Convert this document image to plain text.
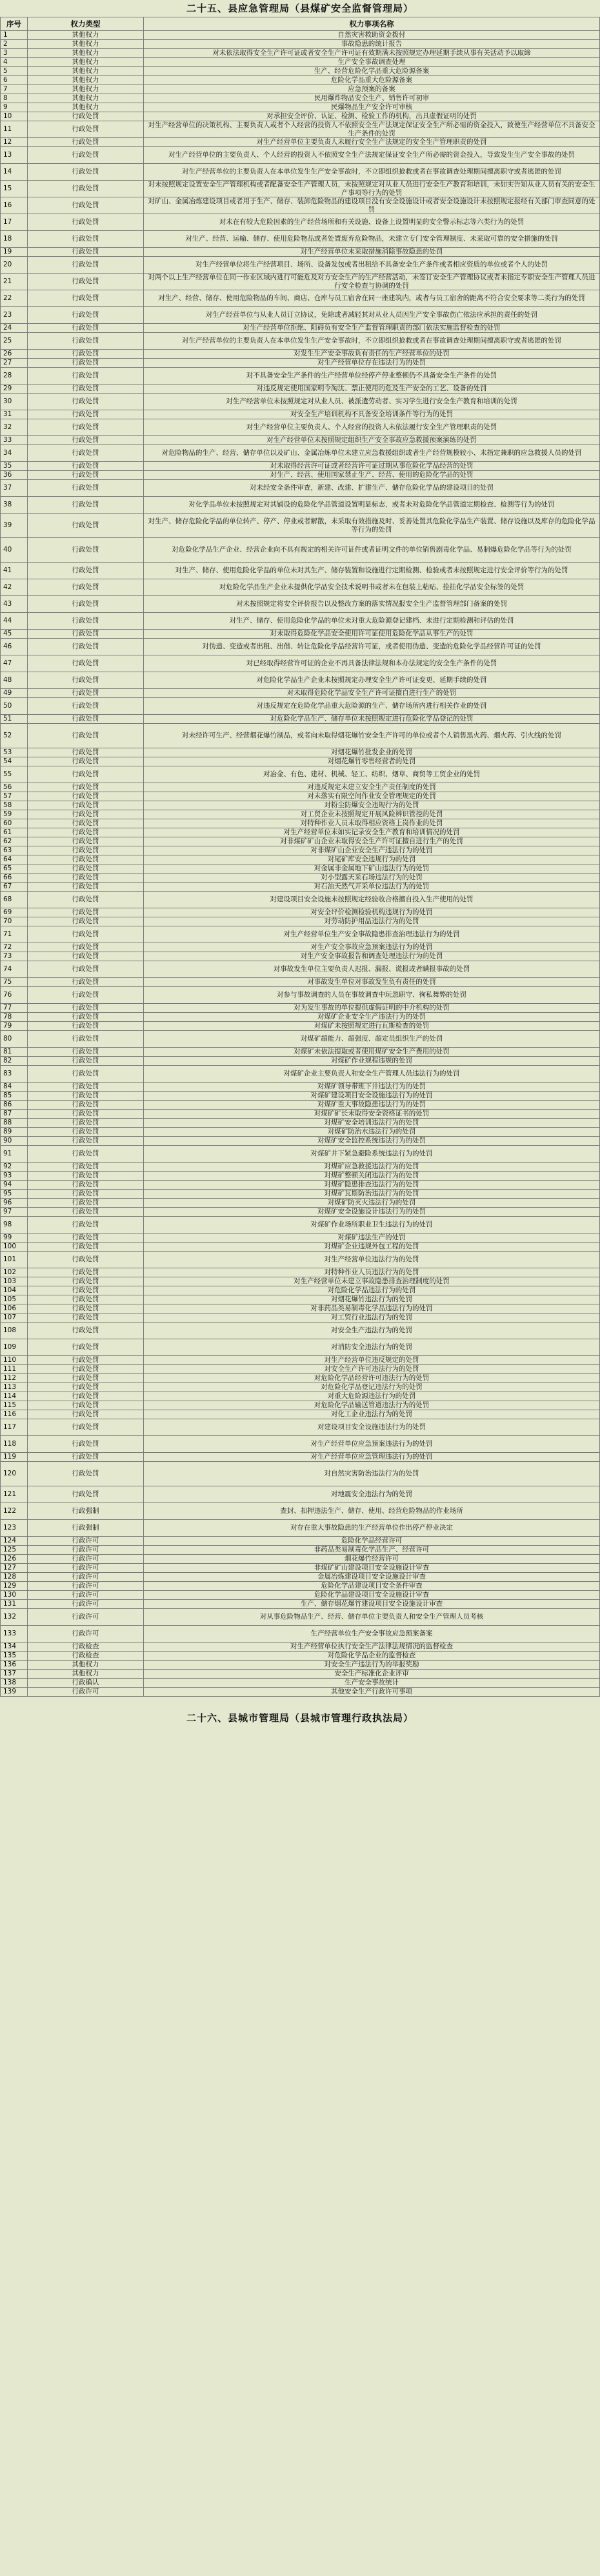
二十五、县应急管理局（县煤矿安全监督管理局）
序号	权力类型	权力事项名称
1	其他权力	自然灾害救助资金拨付
2	其他权力	事故隐患的统计报告
3	其他权力	对未依法取得安全生产许可证或者安全生产许可证有效期满未按照规定办理延期手续从事有关活动予以取缔
4	其他权力	生产安全事故调查处理
5	其他权力	生产、经营危险化学品重大危险源备案
6	其他权力	危险化学品重大危险源备案
7	其他权力	应急预案的备案
8	其他权力	民用爆炸物品安全生产、销售许可初审
9	其他权力	民爆物品生产安全许可审核
10	行政处罚	对承担安全评价、认证、检测、检验工作的机构，出具虚假证明的处罚
11	行政处罚	对生产经营单位的决策机构、主要负责人或者个人经营的投资人不依照安全生产法规定保证安全生产所必需的资金投入，致使生产经营单位不具备安全生产条件的处罚
12	行政处罚	对生产经营单位主要负责人未履行安全生产法规定的安全生产管理职责的处罚
13	行政处罚	对生产经营单位的主要负责人、个人经营的投资人不依照安全生产法规定保证安全生产所必需的资金投入，导致发生生产安全事故的处罚
14	行政处罚	对生产经营单位的主要负责人在本单位发生生产安全事故时，不立即组织抢救或者在事故调查处理期间擅离职守或者逃匿的处罚
15	行政处罚	对未按照规定设置安全生产管理机构或者配备安全生产管理人员，未按照规定对从业人员进行安全生产教育和培训，未如实告知从业人员有关的安全生产事项等行为的处罚
16	行政处罚	对矿山、金属冶炼建设项目或者用于生产、储存、装卸危险物品的建设项目没有安全设施设计或者安全设施设计未按照规定报经有关部门审查同意的处罚
17	行政处罚	对未在有较大危险因素的生产经营场所和有关设施、设备上设置明显的安全警示标志等六类行为的处罚
18	行政处罚	对生产、经营、运输、储存、使用危险物品或者处置废弃危险物品，未建立专门安全管理制度、未采取可靠的安全措施的处罚
19	行政处罚	对生产经营单位未采取措施消除事故隐患的处罚
20	行政处罚	对生产经营单位将生产经营项目、场所、设备发包或者出租给不具备安全生产条件或者相应资质的单位或者个人的处罚
21	行政处罚	对两个以上生产经营单位在同一作业区域内进行可能危及对方安全生产的生产经营活动，未签订安全生产管理协议或者未指定专职安全生产管理人员进行安全检查与协调的处罚
22	行政处罚	对生产、经营、储存、使用危险物品的车间、商店、仓库与员工宿舍在同一座建筑内，或者与员工宿舍的距离不符合安全要求等二类行为的处罚
23	行政处罚	对生产经营单位与从业人员订立协议，免除或者减轻其对从业人员因生产安全事故伤亡依法应承担的责任的处罚
24	行政处罚	对生产经营单位拒绝、阻碍负有安全生产监督管理职责的部门依法实施监督检查的处罚
25	行政处罚	对生产经营单位的主要负责人在本单位发生生产安全事故时，不立即组织抢救或者在事故调查处理期间擅离职守或者逃匿的处罚
26	行政处罚	对发生生产安全事故负有责任的生产经营单位的处罚
27	行政处罚	对生产经营单位存在违法行为的处罚
28	行政处罚	对不具备安全生产条件的生产经营单位经停产停业整顿仍不具备安全生产条件的处罚
29	行政处罚	对违反规定使用国家明令淘汰、禁止使用的危及生产安全的工艺、设备的处罚
30	行政处罚	对生产经营单位未按照规定对从业人员、被派遣劳动者、实习学生进行安全生产教育和培训的处罚
31	行政处罚	对安全生产培训机构不具备安全培训条件等行为的处罚
32	行政处罚	对生产经营单位主要负责人、个人经营的投资人未依法履行安全生产管理职责的处罚
33	行政处罚	对生产经营单位未按照规定组织生产安全事故应急救援预案演练的处罚
34	行政处罚	对危险物品的生产、经营、储存单位以及矿山、金属冶炼单位未建立应急救援组织或者生产经营规模较小、未指定兼职的应急救援人员的处罚
35	行政处罚	对未取得经营许可证或者经营许可证过期从事危险化学品经营的处罚
36	行政处罚	对生产、经营、使用国家禁止生产、经营、使用的危险化学品的处罚
37	行政处罚	对未经安全条件审查，新建、改建、扩建生产、储存危险化学品的建设项目的处罚
38	行政处罚	对化学品单位未按照规定对其铺设的危险化学品管道设置明显标志，或者未对危险化学品管道定期检查、检测等行为的处罚
39	行政处罚	对生产、储存危险化学品的单位转产、停产、停业或者解散，未采取有效措施及时、妥善处置其危险化学品生产装置、储存设施以及库存的危险化学品等行为的处罚
40	行政处罚	对危险化学品生产企业、经营企业向不具有规定的相关许可证件或者证明文件的单位销售剧毒化学品、易制爆危险化学品等行为的处罚
41	行政处罚	对生产、储存、使用危险化学品的单位未对其生产、储存装置和设施进行定期检测、检验或者未按照规定进行安全评价等行为的处罚
42	行政处罚	对危险化学品生产企业未提供化学品安全技术说明书或者未在包装上粘贴、拴挂化学品安全标签的处罚
43	行政处罚	对未按照规定将安全评价报告以及整改方案的落实情况报安全生产监督管理部门备案的处罚
44	行政处罚	对生产、储存、使用危险化学品的单位未对重大危险源登记建档、未进行定期检测和评估的处罚
45	行政处罚	对未取得危险化学品安全使用许可证使用危险化学品从事生产的处罚
46	行政处罚	对伪造、变造或者出租、出借、转让危险化学品经营许可证，或者使用伪造、变造的危险化学品经营许可证的处罚
47	行政处罚	对已经取得经营许可证的企业不再具备法律法规和本办法规定的安全生产条件的处罚
48	行政处罚	对危险化学品生产企业未按照规定办理安全生产许可证变更、延期手续的处罚
49	行政处罚	对未取得危险化学品安全生产许可证擅自进行生产的处罚
50	行政处罚	对违反规定在危险化学品重大危险源的生产、储存场所内进行相关作业的处罚
51	行政处罚	对危险化学品生产、储存单位未按照规定进行危险化学品登记的处罚
52	行政处罚	对未经许可生产、经营烟花爆竹制品，或者向未取得烟花爆竹安全生产许可的单位或者个人销售黑火药、烟火药、引火线的处罚
53	行政处罚	对烟花爆竹批发企业的处罚
54	行政处罚	对烟花爆竹零售经营者的处罚
55	行政处罚	对冶金、有色、建材、机械、轻工、纺织、烟草、商贸等工贸企业的处罚
56	行政处罚	对违反规定未建立安全生产责任制度的处罚
57	行政处罚	对未落实有限空间作业安全管理规定的处罚
58	行政处罚	对粉尘防爆安全违规行为的处罚
59	行政处罚	对工贸企业未按照规定开展风险辨识管控的处罚
60	行政处罚	对特种作业人员未取得相应资格上岗作业的处罚
61	行政处罚	对生产经营单位未如实记录安全生产教育和培训情况的处罚
62	行政处罚	对非煤矿矿山企业未取得安全生产许可证擅自进行生产的处罚
63	行政处罚	对非煤矿山企业安全生产违法行为的处罚
64	行政处罚	对尾矿库安全违规行为的处罚
65	行政处罚	对金属非金属地下矿山违法行为的处罚
66	行政处罚	对小型露天采石场违法行为的处罚
67	行政处罚	对石油天然气开采单位违法行为的处罚
68	行政处罚	对建设项目安全设施未按照规定经验收合格擅自投入生产使用的处罚
69	行政处罚	对安全评价检测检验机构违规行为的处罚
70	行政处罚	对劳动防护用品违法行为的处罚
71	行政处罚	对生产经营单位生产安全事故隐患排查治理违法行为的处罚
72	行政处罚	对生产安全事故应急预案违法行为的处罚
73	行政处罚	对生产安全事故报告和调查处理违法行为的处罚
74	行政处罚	对事故发生单位主要负责人迟报、漏报、谎报或者瞒报事故的处罚
75	行政处罚	对事故发生单位对事故发生负有责任的处罚
76	行政处罚	对参与事故调查的人员在事故调查中玩忽职守、徇私舞弊的处罚
77	行政处罚	对为发生事故的单位提供虚假证明的中介机构的处罚
78	行政处罚	对煤矿企业安全生产违法行为的处罚
79	行政处罚	对煤矿未按照规定进行瓦斯检查的处罚
80	行政处罚	对煤矿超能力、超强度、超定员组织生产的处罚
81	行政处罚	对煤矿未依法提取或者使用煤矿安全生产费用的处罚
82	行政处罚	对煤矿作业规程违规的处罚
83	行政处罚	对煤矿企业主要负责人和安全生产管理人员违法行为的处罚
84	行政处罚	对煤矿领导带班下井违法行为的处罚
85	行政处罚	对煤矿建设项目安全设施违法行为的处罚
86	行政处罚	对煤矿重大事故隐患违法行为的处罚
87	行政处罚	对煤矿矿长未取得安全资格证书的处罚
88	行政处罚	对煤矿安全培训违法行为的处罚
89	行政处罚	对煤矿防治水违法行为的处罚
90	行政处罚	对煤矿安全监控系统违法行为的处罚
91	行政处罚	对煤矿井下紧急避险系统违法行为的处罚
92	行政处罚	对煤矿应急救援违法行为的处罚
93	行政处罚	对煤矿整顿关闭违法行为的处罚
94	行政处罚	对煤矿隐患排查违法行为的处罚
95	行政处罚	对煤矿瓦斯防治违法行为的处罚
96	行政处罚	对煤矿防灭火违法行为的处罚
97	行政处罚	对煤矿安全设施设计违法行为的处罚
98	行政处罚	对煤矿作业场所职业卫生违法行为的处罚
99	行政处罚	对煤矿违法生产的处罚
100	行政处罚	对煤矿企业违规外包工程的处罚
101	行政处罚	对生产经营单位违法行为的处罚
102	行政处罚	对特种作业人员违法行为的处罚
103	行政处罚	对生产经营单位未建立事故隐患排查治理制度的处罚
104	行政处罚	对危险化学品违法行为的处罚
105	行政处罚	对烟花爆竹违法行为的处罚
106	行政处罚	对非药品类易制毒化学品违法行为的处罚
107	行政处罚	对工贸行业违法行为的处罚
108	行政处罚	对安全生产违法行为的处罚
109	行政处罚	对消防安全违法行为的处罚
110	行政处罚	对生产经营单位违反规定的处罚
111	行政处罚	对安全生产许可违法行为的处罚
112	行政处罚	对危险化学品经营许可违法行为的处罚
113	行政处罚	对危险化学品登记违法行为的处罚
114	行政处罚	对重大危险源违法行为的处罚
115	行政处罚	对危险化学品输送管道违法行为的处罚
116	行政处罚	对化工企业违法行为的处罚
117	行政处罚	对建设项目安全设施违法行为的处罚
118	行政处罚	对生产经营单位应急预案违法行为的处罚
119	行政处罚	对生产经营单位应急管理违法行为的处罚
120	行政处罚	对自然灾害防治违法行为的处罚
121	行政处罚	对地震安全违法行为的处罚
122	行政强制	查封、扣押违法生产、储存、使用、经营危险物品的作业场所
123	行政强制	对存在重大事故隐患的生产经营单位作出停产停业决定
124	行政许可	危险化学品经营许可
125	行政许可	非药品类易制毒化学品生产、经营许可
126	行政许可	烟花爆竹经营许可
127	行政许可	非煤矿矿山建设项目安全设施设计审查
128	行政许可	金属冶炼建设项目安全设施设计审查
129	行政许可	危险化学品建设项目安全条件审查
130	行政许可	危险化学品建设项目安全设施设计审查
131	行政许可	生产、储存烟花爆竹建设项目安全设施设计审查
132	行政许可	对从事危险物品生产、经营、储存单位主要负责人和安全生产管理人员考核
133	行政许可	生产经营单位生产安全事故应急预案备案
134	行政检查	对生产经营单位执行安全生产法律法规情况的监督检查
135	行政检查	对危险化学品企业的监督检查
136	其他权力	对安全生产违法行为的举报奖励
137	其他权力	安全生产标准化企业评审
138	行政确认	生产安全事故统计
139	行政许可	其他安全生产行政许可事项
二十六、县城市管理局（县城市管理行政执法局）
